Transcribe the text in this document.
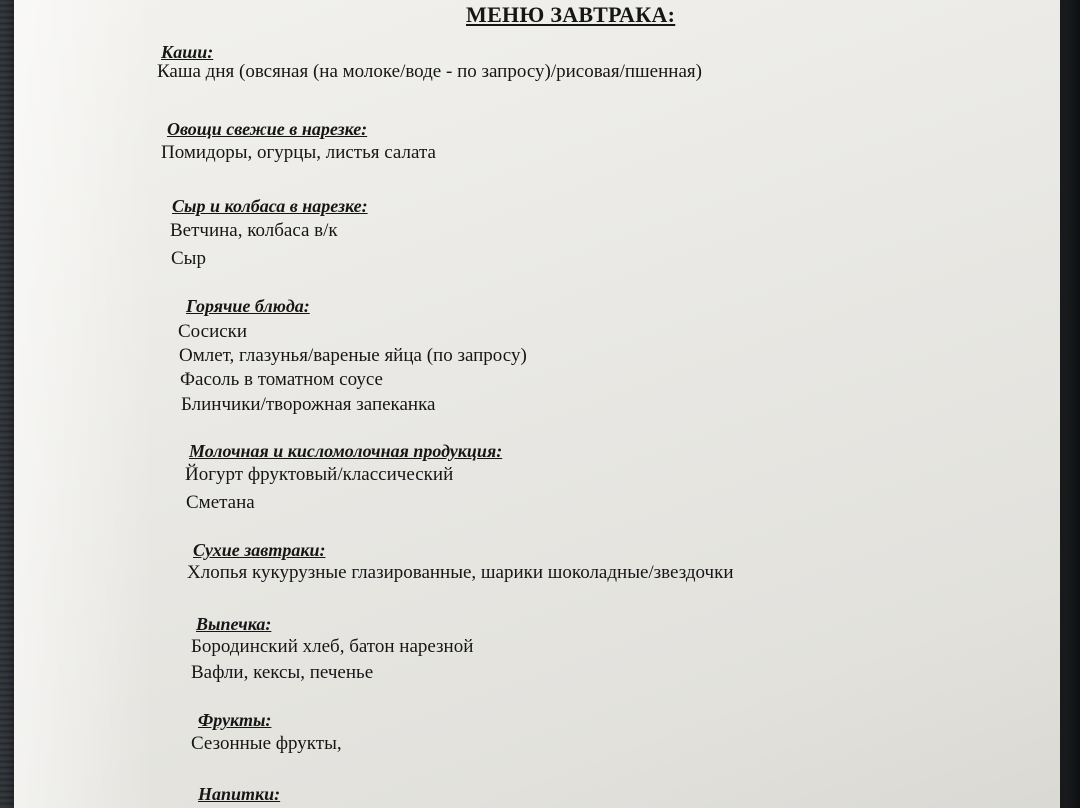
МЕНЮ ЗАВТРАКА:
Каши:
Каша дня (овсяная (на молоке/воде - по запросу)/рисовая/пшенная)
Овощи свежие в нарезке:
Помидоры, огурцы, листья салата
Сыр и колбаса в нарезке:
Ветчина, колбаса в/к
Сыр
Горячие блюда:
Сосиски
Омлет, глазунья/вареные яйца (по запросу)
Фасоль в томатном соусе
Блинчики/творожная запеканка
Молочная и кисломолочная продукция:
Йогурт фруктовый/классический
Сметана
Сухие завтраки:
Хлопья кукурузные глазированные, шарики шоколадные/звездочки
Выпечка:
Бородинский хлеб, батон нарезной
Вафли, кексы, печенье
Фрукты:
Сезонные фрукты,
Напитки:
